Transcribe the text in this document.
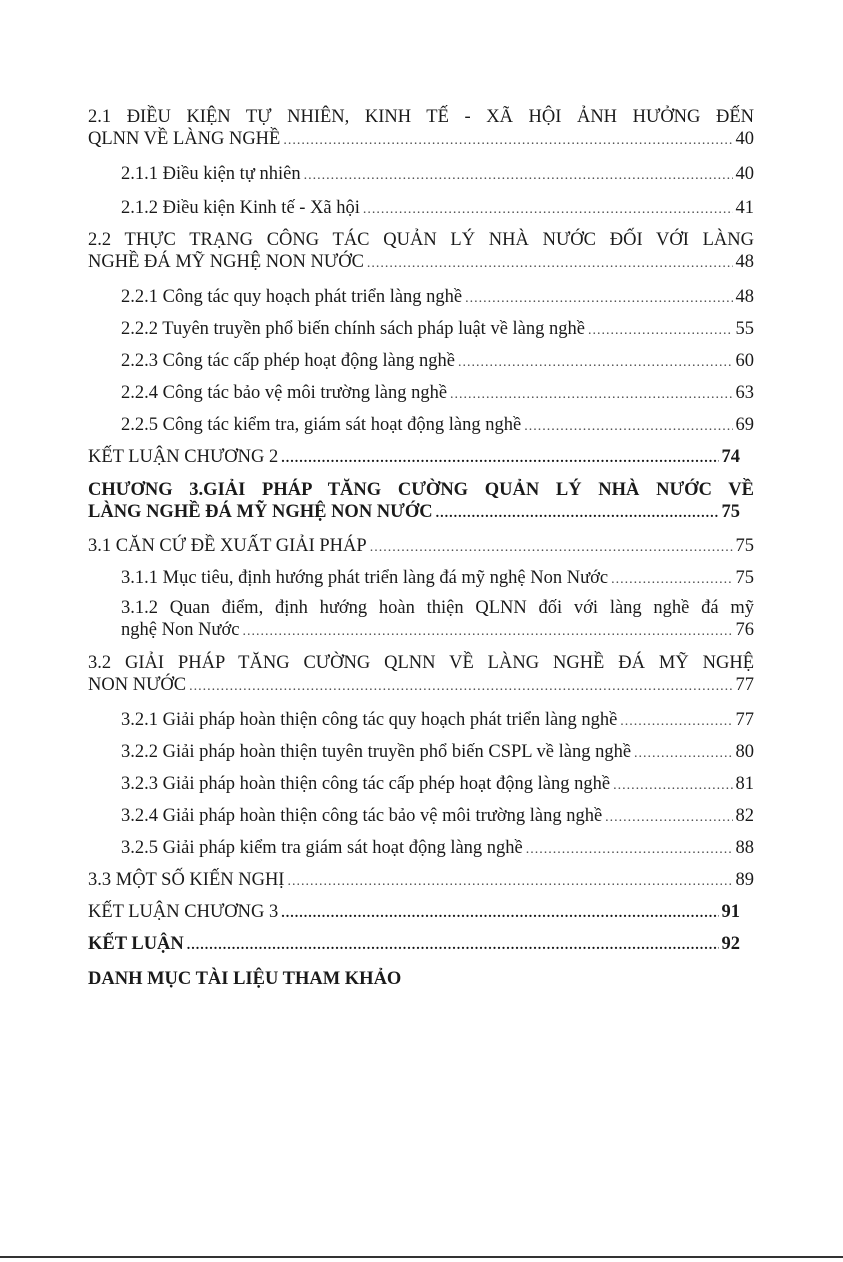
2.1 ĐIỀU KIỆN TỰ NHIÊN, KINH TẾ - XÃ HỘI ẢNH HƯỞNG ĐẾN
QLNN VỀ LÀNG NGHỀ .....	40
2.1.1 Điều kiện tự nhiên .....	40
2.1.2 Điều kiện Kinh tế - Xã hội .....	41
2.2 THỰC TRẠNG CÔNG TÁC QUẢN LÝ NHÀ NƯỚC ĐỐI VỚI LÀNG
NGHỀ ĐÁ MỸ NGHỆ NON NƯỚC .....	48
2.2.1 Công tác quy hoạch phát triển làng nghề .....	48
2.2.2 Tuyên truyền phổ biến chính sách pháp luật về làng nghề .....	55
2.2.3 Công tác cấp phép hoạt động làng nghề .....	60
2.2.4 Công tác bảo vệ môi trường làng nghề .....	63
2.2.5 Công tác kiểm tra, giám sát hoạt động làng nghề .....	69
KẾT LUẬN CHƯƠNG 2 .....	74
CHƯƠNG 3.GIẢI PHÁP TĂNG CƯỜNG QUẢN LÝ NHÀ NƯỚC VỀ
LÀNG NGHỀ ĐÁ MỸ NGHỆ NON NƯỚC .....	75
3.1 CĂN CỨ ĐỀ XUẤT GIẢI PHÁP .....	75
3.1.1 Mục tiêu, định hướng phát triển làng đá mỹ nghệ Non Nước .....	75
3.1.2 Quan điểm, định hướng hoàn thiện QLNN đối với làng nghề đá mỹ
nghệ Non Nước .....	76
3.2 GIẢI PHÁP TĂNG CƯỜNG QLNN VỀ LÀNG NGHỀ ĐÁ MỸ NGHỆ
NON NƯỚC .....	77
3.2.1 Giải pháp hoàn thiện công tác quy hoạch phát triển làng nghề .....	77
3.2.2 Giải pháp hoàn thiện tuyên truyền phổ biến CSPL về làng nghề .....	80
3.2.3 Giải pháp hoàn thiện công tác cấp phép hoạt động làng nghề .....	81
3.2.4 Giải pháp hoàn thiện công tác bảo vệ môi trường làng nghề .....	82
3.2.5 Giải pháp kiểm tra giám sát hoạt động làng nghề .....	88
3.3 MỘT SỐ KIẾN NGHỊ .....	89
KẾT LUẬN CHƯƠNG 3 .....	91
KẾT LUẬN .....	92
DANH MỤC TÀI LIỆU THAM KHẢO
